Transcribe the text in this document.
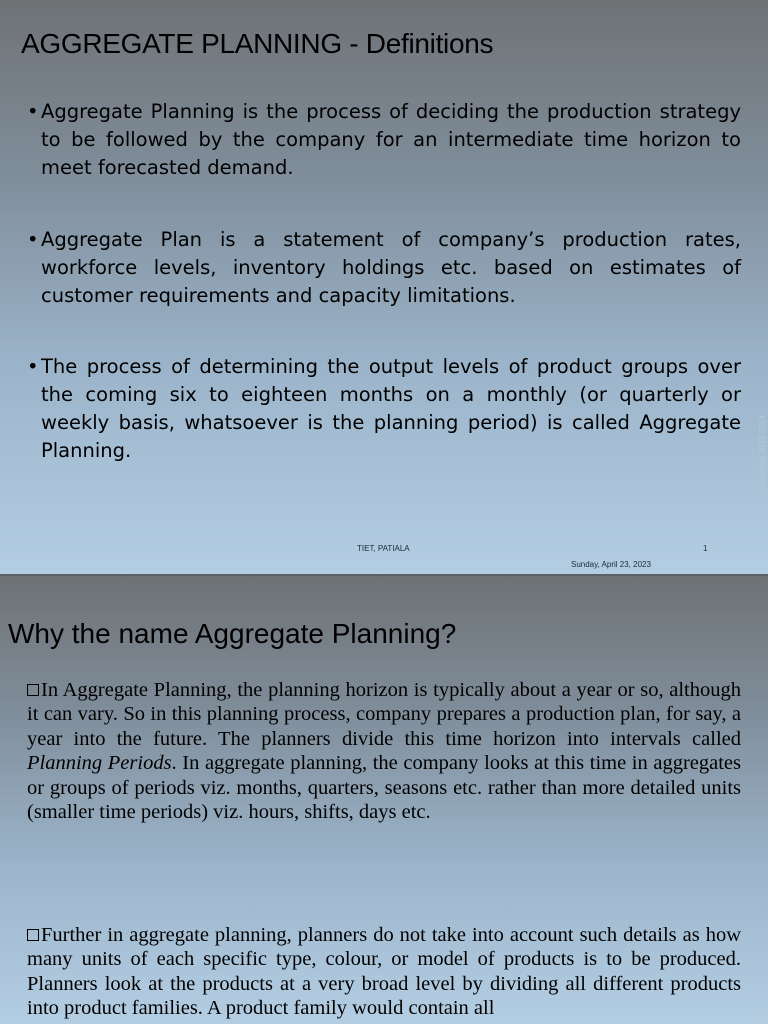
AGGREGATE PLANNING - Definitions
• Aggregate Planning is the process of deciding the production strategy to be followed by the company for an intermediate time horizon to meet forecasted demand.
• Aggregate Plan is a statement of company’s production rates, workforce levels, inventory holdings etc. based on estimates of customer requirements and capacity limitations.
• The process of determining the output levels of product groups over the coming six to eighteen months on a monthly (or quarterly or weekly basis, whatsoever is the planning period) is called Aggregate Planning.
TIET, PATIALA	1
Sunday, April 23, 2023
Copyright 2013-2014
Why the name Aggregate Planning?
In Aggregate Planning, the planning horizon is typically about a year or so, although it can vary. So in this planning process, company prepares a production plan, for say, a year into the future. The planners divide this time horizon into intervals called Planning Periods. In aggregate planning, the company looks at this time in aggregates or groups of periods viz. months, quarters, seasons etc. rather than more detailed units (smaller time periods) viz. hours, shifts, days etc.
Further in aggregate planning, planners do not take into account such details as how many units of each specific type, colour, or model of products is to be produced. Planners look at the products at a very broad level by dividing all different products into product families. A product family would contain all	14
